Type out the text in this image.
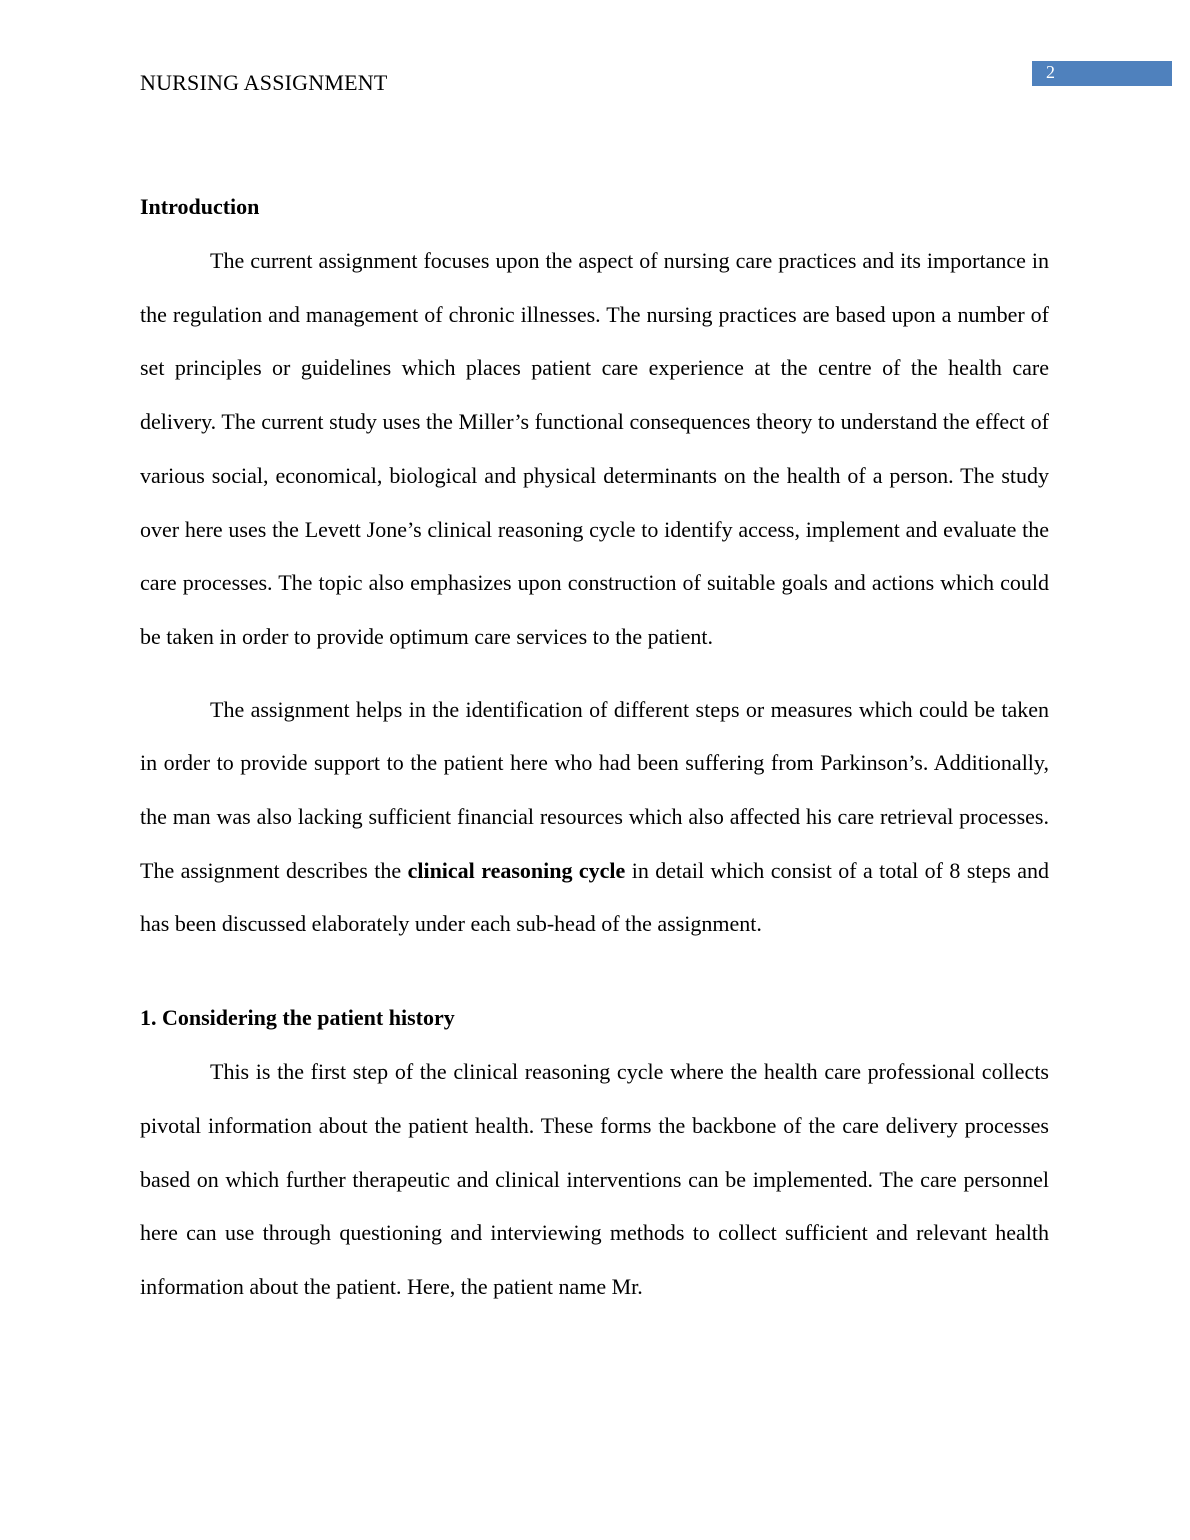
NURSING ASSIGNMENT	2
Introduction

The current assignment focuses upon the aspect of nursing care practices and its importance in the regulation and management of chronic illnesses. The nursing practices are based upon a number of set principles or guidelines which places patient care experience at the centre of the health care delivery. The current study uses the Miller’s functional consequences theory to understand the effect of various social, economical, biological and physical determinants on the health of a person. The study over here uses the Levett Jone’s clinical reasoning cycle to identify access, implement and evaluate the care processes. The topic also emphasizes upon construction of suitable goals and actions which could be taken in order to provide optimum care services to the patient.

The assignment helps in the identification of different steps or measures which could be taken in order to provide support to the patient here who had been suffering from Parkinson’s. Additionally, the man was also lacking sufficient financial resources which also affected his care retrieval processes. The assignment describes the clinical reasoning cycle in detail which consist of a total of 8 steps and has been discussed elaborately under each sub-head of the assignment.

1. Considering the patient history

This is the first step of the clinical reasoning cycle where the health care professional collects pivotal information about the patient health. These forms the backbone of the care delivery processes based on which further therapeutic and clinical interventions can be implemented. The care personnel here can use through questioning and interviewing methods to collect sufficient and relevant health information about the patient. Here, the patient name Mr.
